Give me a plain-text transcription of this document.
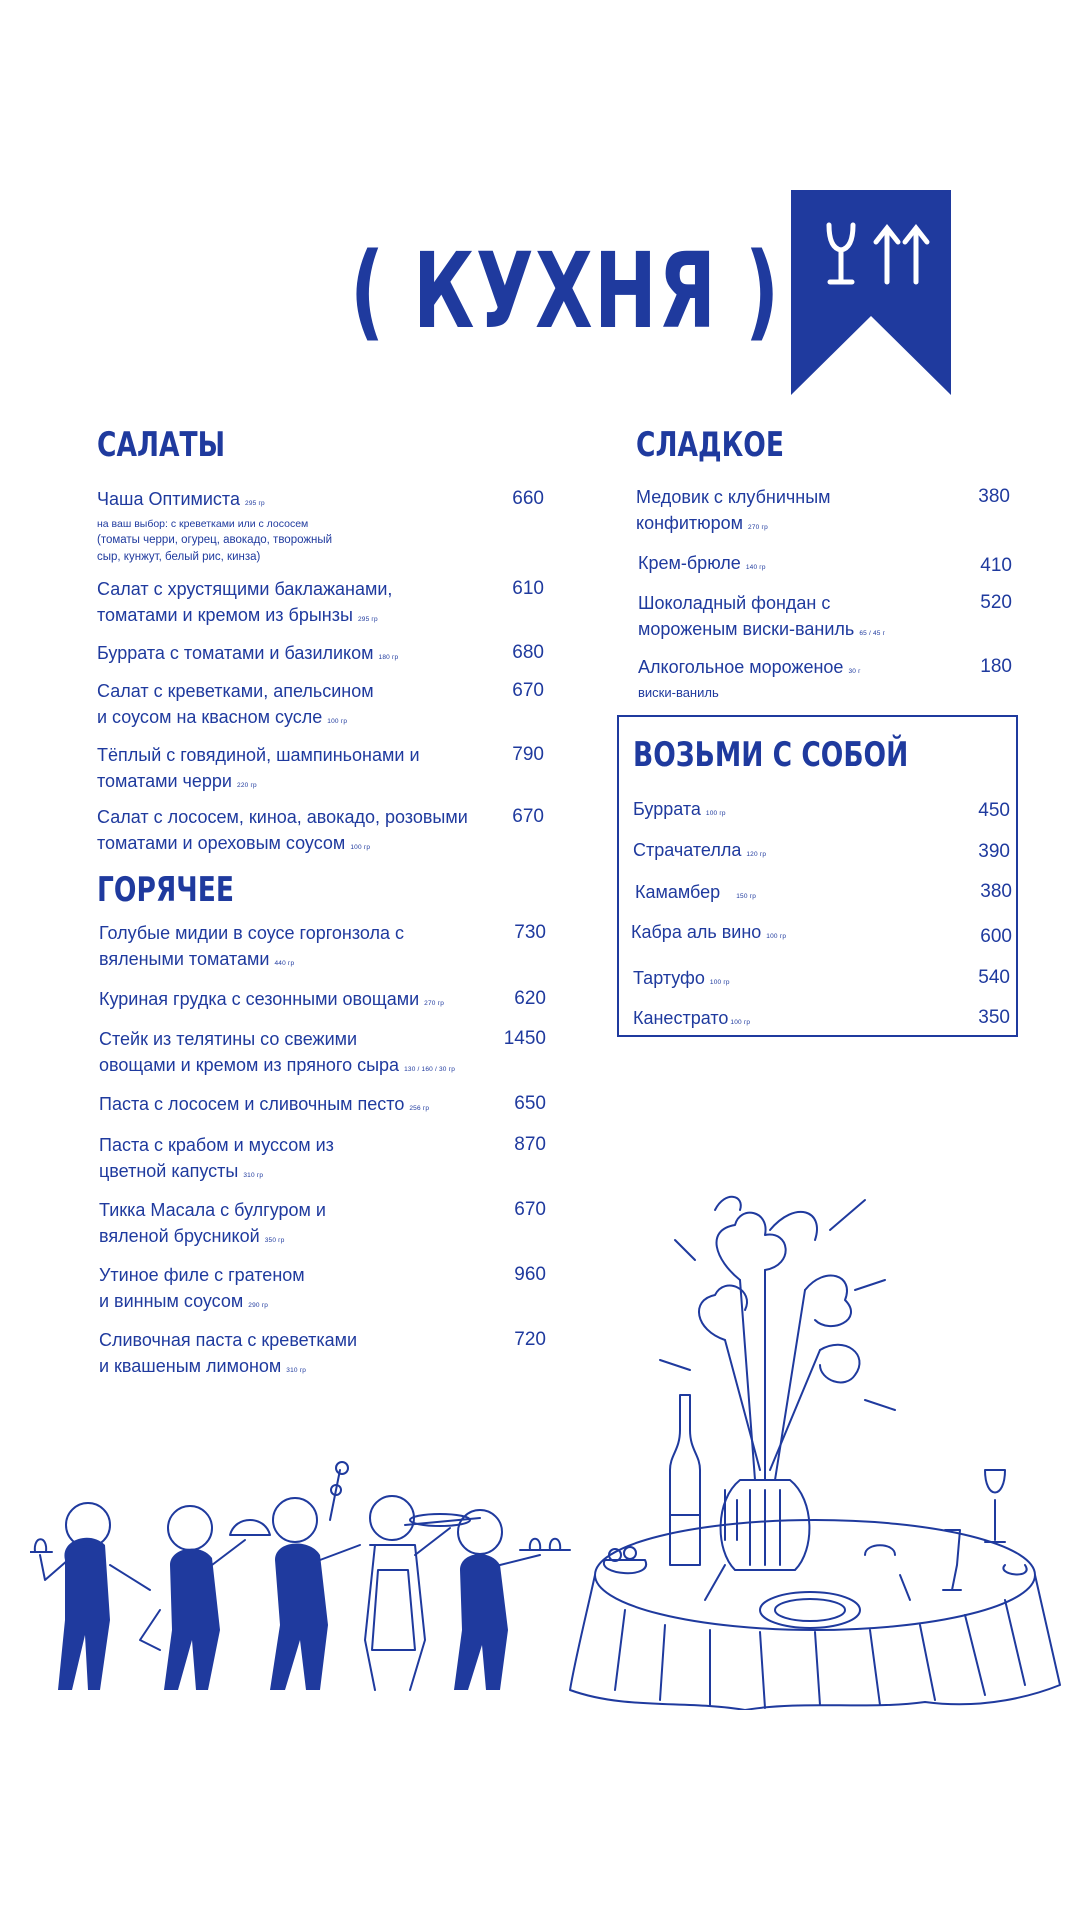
( КУХНЯ )
САЛАТЫ
Чаша Оптимиста 295 гр
на ваш выбор: с креветками или с лососем
(томаты черри, огурец, авокадо, творожный
сыр, кунжут, белый рис, кинза)
660
Салат с хрустящими баклажанами,
томатами и кремом из брынзы 295 гр
610
Буррата с томатами и базиликом 180 гр	680
Салат с креветками, апельсином
и соусом на квасном сусле 100 гр
670
Тёплый с говядиной, шампиньонами и
томатами черри 220 гр
790
Салат с лососем, киноа, авокадо, розовыми
томатами и ореховым соусом 100 гр
670
ГОРЯЧЕЕ
Голубые мидии в соусе горгонзола с
вялеными томатами 440 гр
730
Куриная грудка с сезонными овощами 270 гр	620
Стейк из телятины со свежими
овощами и кремом из пряного сыра 130 / 160 / 30 гр
1450
Паста с лососем и сливочным песто 256 гр	650
Паста с крабом и муссом из
цветной капусты 310 гр
870
Тикка Масала с булгуром и
вяленой брусникой 350 гр
670
Утиное филе с гратеном
и винным соусом 290 гр
960
Сливочная паста с креветками
и квашеным лимоном 310 гр
720
СЛАДКОЕ
Медовик с клубничным
конфитюром 270 гр
380
Крем-брюле 140 гр	410
Шоколадный фондан с
мороженым виски-ваниль 65 / 45 г
520
Алкогольное мороженое 30 г
виски-ваниль
180
ВОЗЬМИ С СОБОЙ
Буррата 100 гр	450
Страчателла 120 гр	390
Камамбер 150 гр	380
Кабра аль вино 100 гр	600
Тартуфо 100 гр	540
Канестрато 100 гр	350
